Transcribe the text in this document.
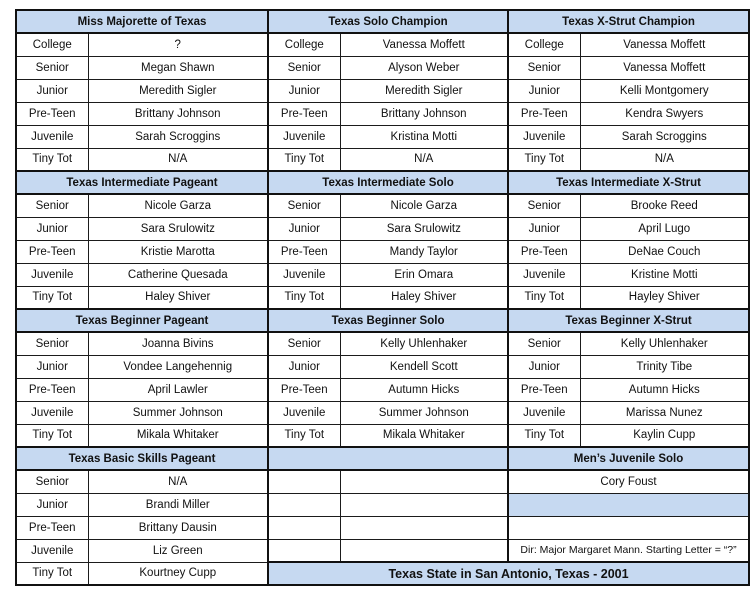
Miss Majorette of Texas		Texas Solo Champion		Texas X-Strut Champion	
College	?	College	Vanessa Moffett	College	Vanessa Moffett
Senior	Megan Shawn	Senior	Alyson Weber	Senior	Vanessa Moffett
Junior	Meredith Sigler	Junior	Meredith Sigler	Junior	Kelli Montgomery
Pre-Teen	Brittany Johnson	Pre-Teen	Brittany Johnson	Pre-Teen	Kendra Swyers
Juvenile	Sarah Scroggins	Juvenile	Kristina Motti	Juvenile	Sarah Scroggins
Tiny Tot	N/A	Tiny Tot	N/A	Tiny Tot	N/A
Texas Intermediate Pageant		Texas Intermediate Solo		Texas Intermediate X-Strut	
Senior	Nicole Garza	Senior	Nicole Garza	Senior	Brooke Reed
Junior	Sara Srulowitz	Junior	Sara Srulowitz	Junior	April Lugo
Pre-Teen	Kristie Marotta	Pre-Teen	Mandy Taylor	Pre-Teen	DeNae Couch
Juvenile	Catherine Quesada	Juvenile	Erin Omara	Juvenile	Kristine Motti
Tiny Tot	Haley Shiver	Tiny Tot	Haley Shiver	Tiny Tot	Hayley Shiver
Texas Beginner Pageant		Texas Beginner Solo		Texas Beginner X-Strut	
Senior	Joanna Bivins	Senior	Kelly Uhlenhaker	Senior	Kelly Uhlenhaker
Junior	Vondee Langehennig	Junior	Kendell Scott	Junior	Trinity Tibe
Pre-Teen	April Lawler	Pre-Teen	Autumn Hicks	Pre-Teen	Autumn Hicks
Juvenile	Summer Johnson	Juvenile	Summer Johnson	Juvenile	Marissa Nunez
Tiny Tot	Mikala Whitaker	Tiny Tot	Mikala Whitaker	Tiny Tot	Kaylin Cupp
Texas Basic Skills Pageant				Men’s Juvenile Solo	
Senior	N/A			Cory Foust	
Junior	Brandi Miller				
Pre-Teen	Brittany Dausin				
Juvenile	Liz Green			Dir: Major Margaret Mann. Starting Letter = “?”	
Tiny Tot	Kourtney Cupp	Texas State in San Antonio, Texas - 2001			
